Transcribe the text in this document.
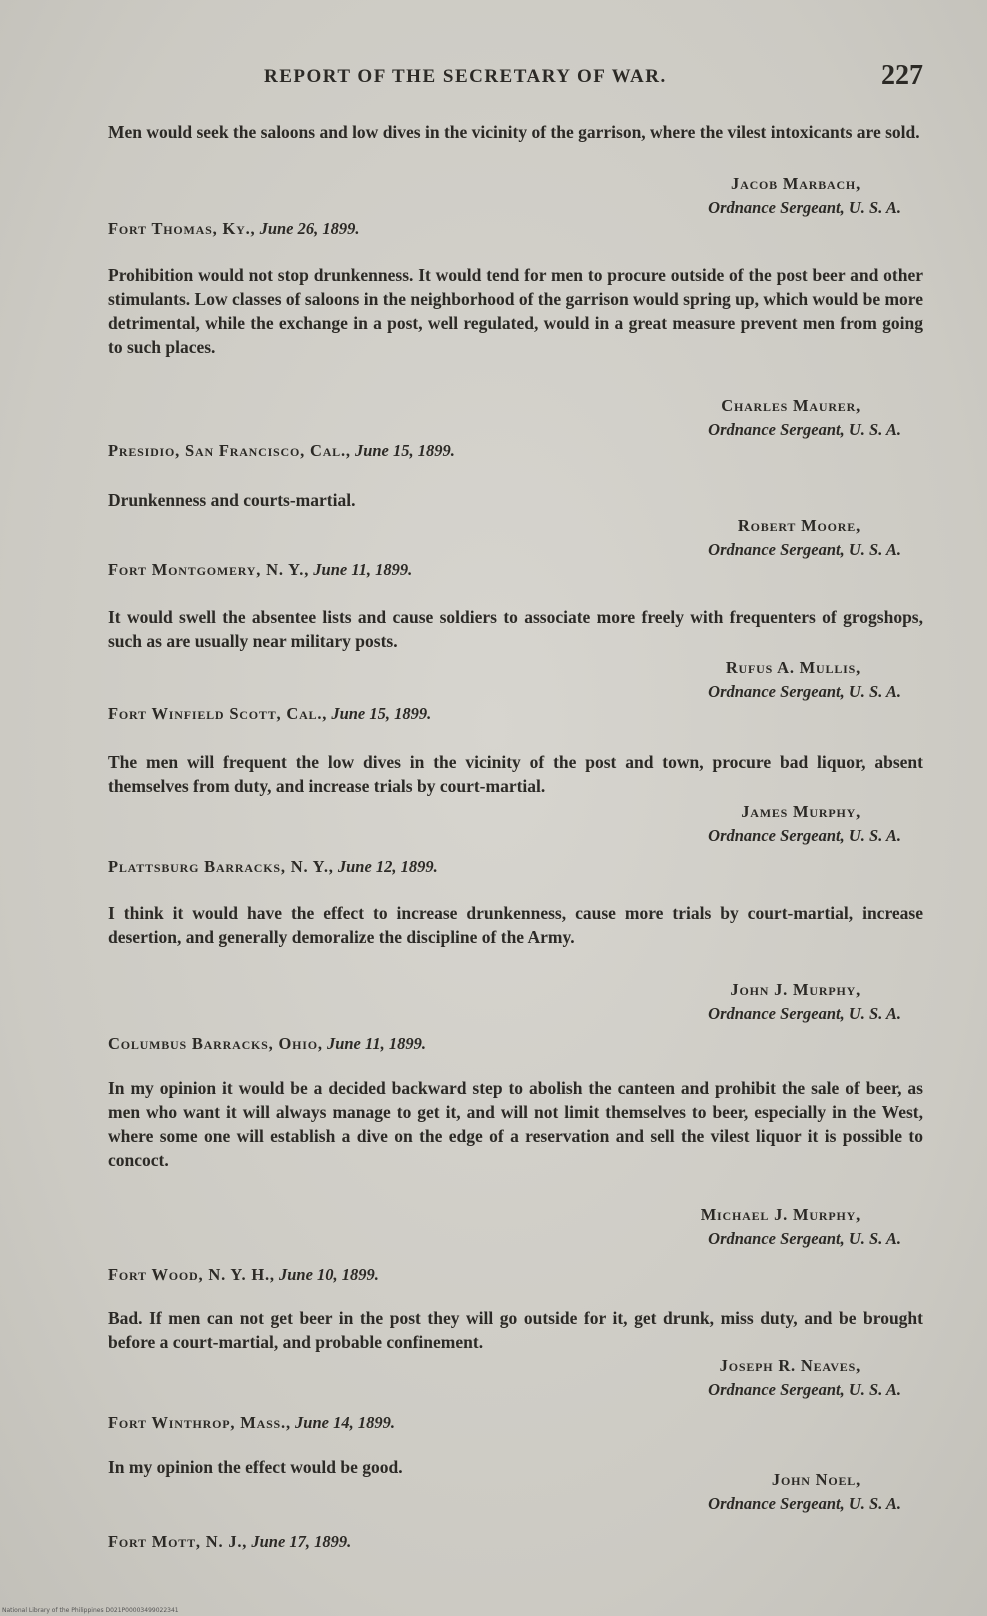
REPORT OF THE SECRETARY OF WAR.	227

Men would seek the saloons and low dives in the vicinity of the garrison, where the vilest intoxicants are sold.

Jacob Marbach,
Ordnance Sergeant, U. S. A.
Fort Thomas, Ky., June 26, 1899.

Prohibition would not stop drunkenness. It would tend for men to procure outside of the post beer and other stimulants. Low classes of saloons in the neighborhood of the garrison would spring up, which would be more detrimental, while the exchange in a post, well regulated, would in a great measure prevent men from going to such places.

Charles Maurer,
Ordnance Sergeant, U. S. A.
Presidio, San Francisco, Cal., June 15, 1899.

Drunkenness and courts-martial.

Robert Moore,
Ordnance Sergeant, U. S. A.
Fort Montgomery, N. Y., June 11, 1899.

It would swell the absentee lists and cause soldiers to associate more freely with frequenters of grogshops, such as are usually near military posts.

Rufus A. Mullis,
Ordnance Sergeant, U. S. A.
Fort Winfield Scott, Cal., June 15, 1899.

The men will frequent the low dives in the vicinity of the post and town, procure bad liquor, absent themselves from duty, and increase trials by court-martial.

James Murphy,
Ordnance Sergeant, U. S. A.
Plattsburg Barracks, N. Y., June 12, 1899.

I think it would have the effect to increase drunkenness, cause more trials by court-martial, increase desertion, and generally demoralize the discipline of the Army.

John J. Murphy,
Ordnance Sergeant, U. S. A.
Columbus Barracks, Ohio, June 11, 1899.

In my opinion it would be a decided backward step to abolish the canteen and prohibit the sale of beer, as men who want it will always manage to get it, and will not limit themselves to beer, especially in the West, where some one will establish a dive on the edge of a reservation and sell the vilest liquor it is possible to concoct.

Michael J. Murphy,
Ordnance Sergeant, U. S. A.
Fort Wood, N. Y. H., June 10, 1899.

Bad. If men can not get beer in the post they will go outside for it, get drunk, miss duty, and be brought before a court-martial, and probable confinement.

Joseph R. Neaves,
Ordnance Sergeant, U. S. A.
Fort Winthrop, Mass., June 14, 1899.

In my opinion the effect would be good.

John Noel,
Ordnance Sergeant, U. S. A.
Fort Mott, N. J., June 17, 1899.
National Library of the Philippines D021P00003499022341
